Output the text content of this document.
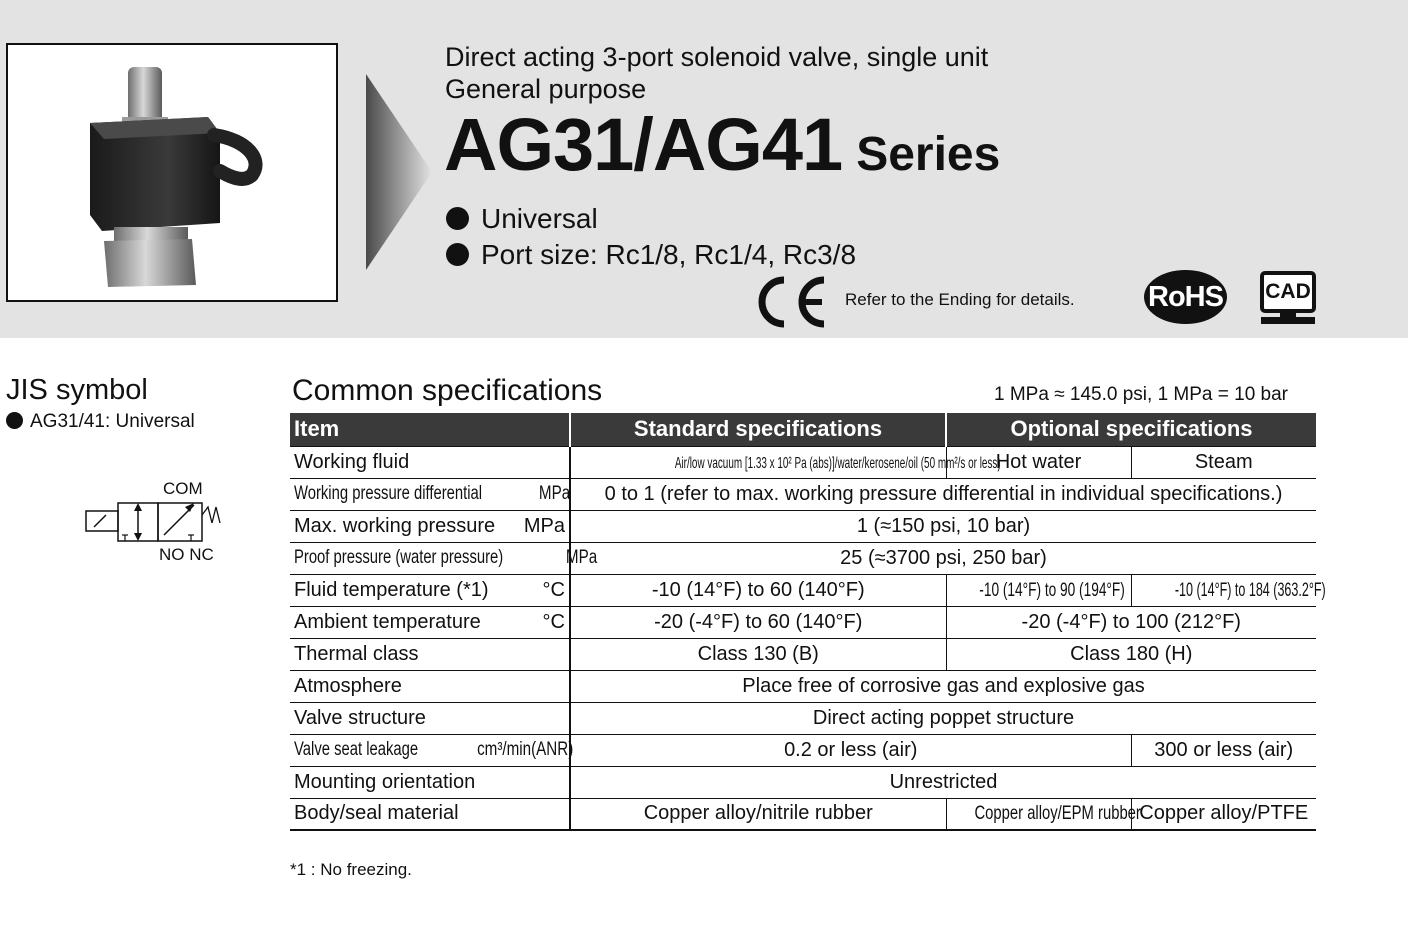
Direct acting 3-port solenoid valve, single unit
General purpose
AG31/AG41 Series
Universal
Port size: Rc1/8, Rc1/4, Rc3/8
Refer to the Ending for details.	RoHS CAD
JIS symbol
AG31/41: Universal
COM
NO NC
Common specifications	1 MPa ≈ 145.0 psi, 1 MPa = 10 bar
Item	Standard specifications	Optional specifications	
Working fluid	Air/low vacuum [1.33 x 10² Pa (abs)]/water/kerosene/oil (50 mm²/s or less)	Hot water	Steam

Working pressure differential MPa	0 to 1 (refer to max. working pressure differential in individual specifications.)		

Max. working pressure MPa	1 (≈150 psi, 10 bar)		

Proof pressure (water pressure) MPa	25 (≈3700 psi, 250 bar)		

Fluid temperature (*1) °C	-10 (14°F) to 60 (140°F)	-10 (14°F) to 90 (194°F)	-10 (14°F) to 184 (363.2°F)

Ambient temperature °C	-20 (-4°F) to 60 (140°F)	-20 (-4°F) to 100 (212°F)	
Thermal class	Class 130 (B)	Class 180 (H)	
Atmosphere	Place free of corrosive gas and explosive gas		
Valve structure	Direct acting poppet structure		

Valve seat leakage cm³/min(ANR)	0.2 or less (air)		300 or less (air)
Mounting orientation	Unrestricted		
Body/seal material	Copper alloy/nitrile rubber	Copper alloy/EPM rubber	Copper alloy/PTFE
*1 : No freezing.
